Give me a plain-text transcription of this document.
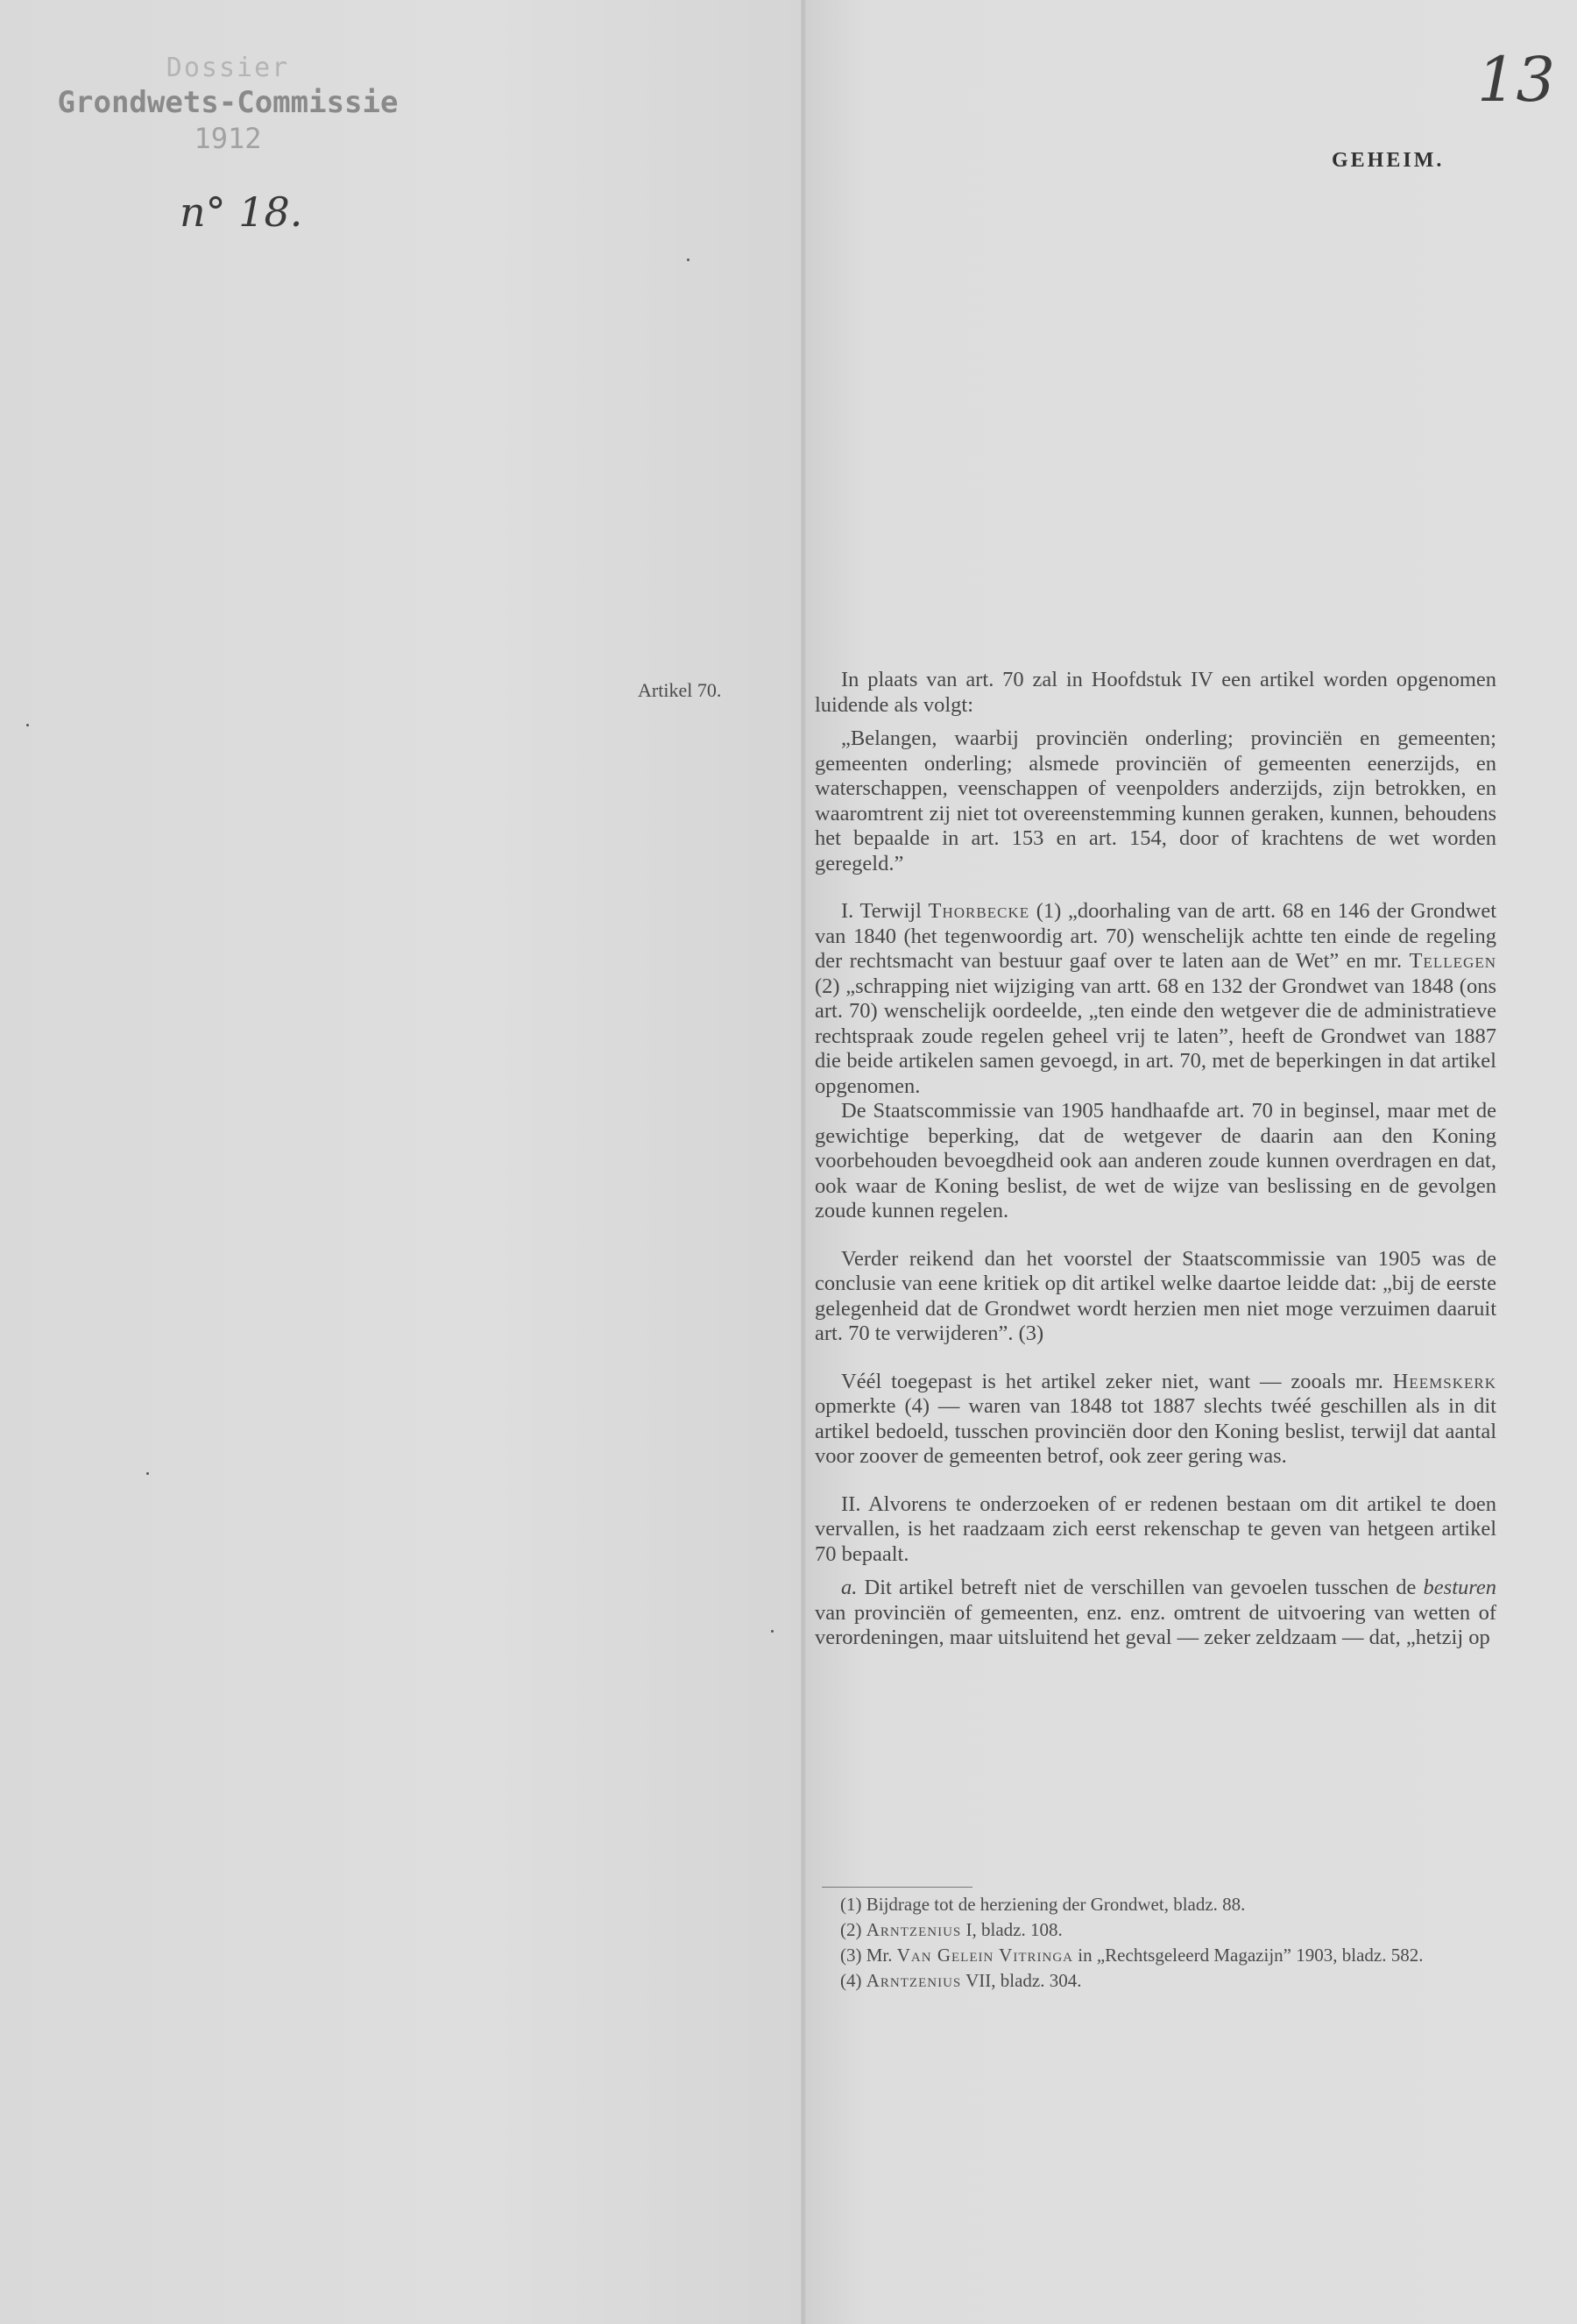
Dossier
Grondwets-Commissie
1912
n° 18.
13
GEHEIM.
Artikel 70.	In plaats van art. 70 zal in Hoofdstuk IV een artikel worden opgenomen luidende als volgt:

„Belangen, waarbij provinciën onderling; provinciën en gemeenten; gemeenten onderling; alsmede provinciën of gemeenten eenerzijds, en waterschappen, veenschappen of veenpolders anderzijds, zijn betrokken, en waaromtrent zij niet tot overeenstemming kunnen geraken, kunnen, behoudens het bepaalde in art. 153 en art. 154, door of krachtens de wet worden geregeld.”

I. Terwijl Thorbecke (1) „doorhaling van de artt. 68 en 146 der Grondwet van 1840 (het tegenwoordig art. 70) wenschelijk achtte ten einde de regeling der rechtsmacht van bestuur gaaf over te laten aan de Wet” en mr. Tellegen (2) „schrapping niet wijziging van artt. 68 en 132 der Grondwet van 1848 (ons art. 70) wenschelijk oordeelde, „ten einde den wetgever die de administratieve rechtspraak zoude regelen geheel vrij te laten”, heeft de Grondwet van 1887 die beide artikelen samen gevoegd, in art. 70, met de beperkingen in dat artikel opgenomen.

De Staatscommissie van 1905 handhaafde art. 70 in beginsel, maar met de gewichtige beperking, dat de wetgever de daarin aan den Koning voorbehouden bevoegdheid ook aan anderen zoude kunnen overdragen en dat, ook waar de Koning beslist, de wet de wijze van beslissing en de gevolgen zoude kunnen regelen.

Verder reikend dan het voorstel der Staatscommissie van 1905 was de conclusie van eene kritiek op dit artikel welke daartoe leidde dat: „bij de eerste gelegenheid dat de Grondwet wordt herzien men niet moge verzuimen daaruit art. 70 te verwijderen”. (3)

Véél toegepast is het artikel zeker niet, want — zooals mr. Heemskerk opmerkte (4) — waren van 1848 tot 1887 slechts twéé geschillen als in dit artikel bedoeld, tusschen provinciën door den Koning beslist, terwijl dat aantal voor zoover de gemeenten betrof, ook zeer gering was.

II. Alvorens te onderzoeken of er redenen bestaan om dit artikel te doen vervallen, is het raadzaam zich eerst rekenschap te geven van hetgeen artikel 70 bepaalt.

a. Dit artikel betreft niet de verschillen van gevoelen tusschen de besturen van provinciën of gemeenten, enz. enz. omtrent de uitvoering van wetten of verordeningen, maar uitsluitend het geval — zeker zeldzaam — dat, „hetzij op

(1) Bijdrage tot de herziening der Grondwet, bladz. 88.
(2) Arntzenius I, bladz. 108.
(3) Mr. Van Gelein Vitringa in „Rechtsgeleerd Magazijn” 1903, bladz. 582.
(4) Arntzenius VII, bladz. 304.
